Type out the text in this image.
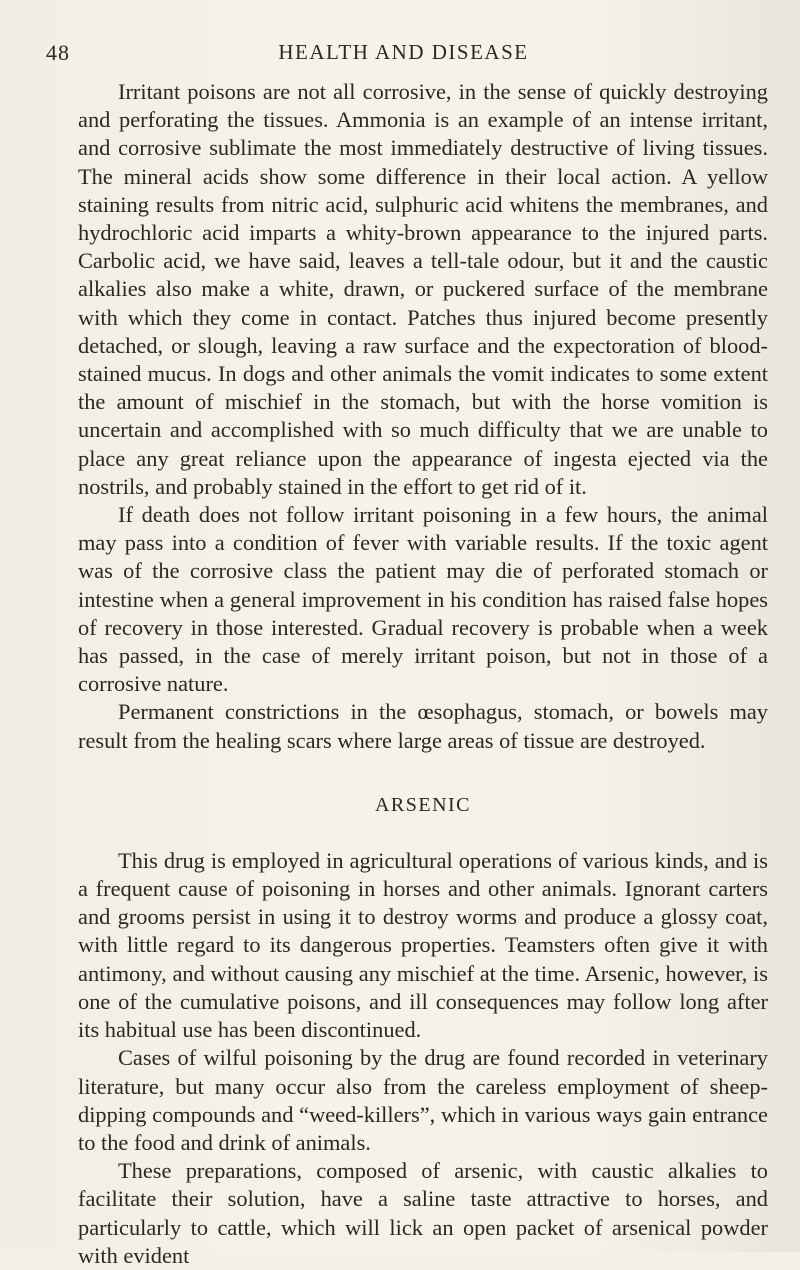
48	HEALTH AND DISEASE

Irritant poisons are not all corrosive, in the sense of quickly destroying and perforating the tissues. Ammonia is an example of an intense irritant, and corrosive sublimate the most immediately destructive of living tissues. The mineral acids show some difference in their local action. A yellow staining results from nitric acid, sulphuric acid whitens the membranes, and hydrochloric acid imparts a whity-brown appearance to the injured parts. Carbolic acid, we have said, leaves a tell-tale odour, but it and the caustic alkalies also make a white, drawn, or puckered surface of the membrane with which they come in contact. Patches thus injured become presently detached, or slough, leaving a raw surface and the expectoration of blood-stained mucus. In dogs and other animals the vomit indicates to some extent the amount of mischief in the stomach, but with the horse vomition is uncertain and accomplished with so much difficulty that we are unable to place any great reliance upon the appearance of ingesta ejected via the nostrils, and probably stained in the effort to get rid of it.

If death does not follow irritant poisoning in a few hours, the animal may pass into a condition of fever with variable results. If the toxic agent was of the corrosive class the patient may die of perforated stomach or intestine when a general improvement in his condition has raised false hopes of recovery in those interested. Gradual recovery is probable when a week has passed, in the case of merely irritant poison, but not in those of a corrosive nature.

Permanent constrictions in the œsophagus, stomach, or bowels may result from the healing scars where large areas of tissue are destroyed.

ARSENIC

This drug is employed in agricultural operations of various kinds, and is a frequent cause of poisoning in horses and other animals. Ignorant carters and grooms persist in using it to destroy worms and produce a glossy coat, with little regard to its dangerous properties. Teamsters often give it with antimony, and without causing any mischief at the time. Arsenic, however, is one of the cumulative poisons, and ill consequences may follow long after its habitual use has been discontinued.

Cases of wilful poisoning by the drug are found recorded in veterinary literature, but many occur also from the careless employment of sheep-dipping compounds and “weed-killers”, which in various ways gain entrance to the food and drink of animals.

These preparations, composed of arsenic, with caustic alkalies to facilitate their solution, have a saline taste attractive to horses, and particularly to cattle, which will lick an open packet of arsenical powder with evident
